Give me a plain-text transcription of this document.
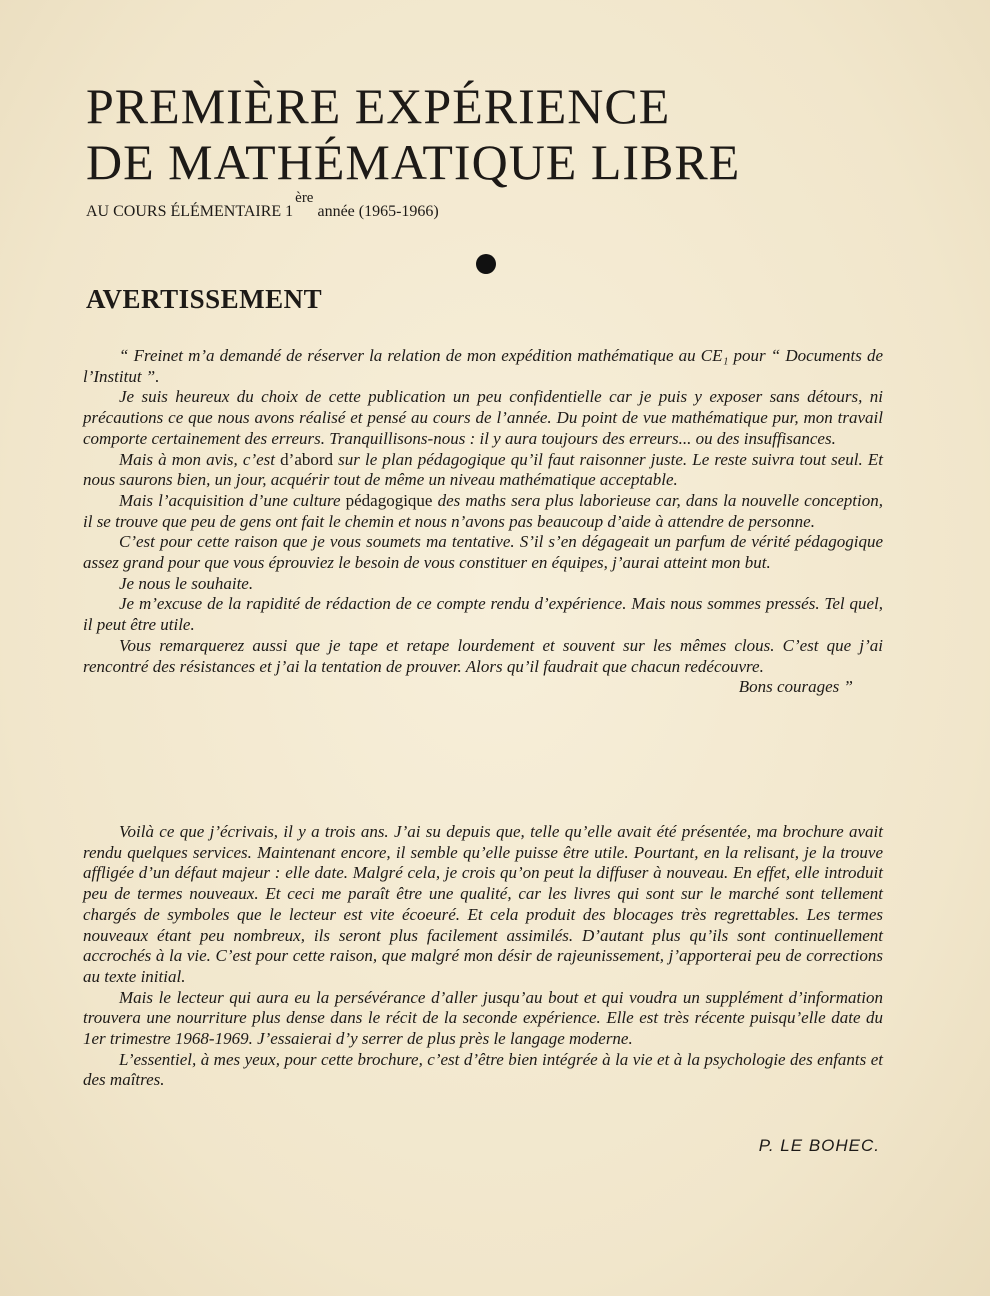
PREMIÈRE EXPÉRIENCE
DE MATHÉMATIQUE LIBRE
AU COURS ÉLÉMENTAIRE 1ère année (1965-1966)
AVERTISSEMENT

“ Freinet m’a demandé de réserver la relation de mon expédition mathématique au CE₁ pour “ Documents de l’Institut ”.

Je suis heureux du choix de cette publication un peu confidentielle car je puis y exposer sans détours, ni précautions ce que nous avons réalisé et pensé au cours de l’année. Du point de vue mathématique pur, mon travail comporte certainement des erreurs. Tranquillisons-nous : il y aura toujours des erreurs... ou des insuffisances.

Mais à mon avis, c’est d’abord sur le plan pédagogique qu’il faut raisonner juste. Le reste suivra tout seul. Et nous saurons bien, un jour, acquérir tout de même un niveau mathématique acceptable.

Mais l’acquisition d’une culture pédagogique des maths sera plus laborieuse car, dans la nouvelle conception, il se trouve que peu de gens ont fait le chemin et nous n’avons pas beaucoup d’aide à attendre de personne.

C’est pour cette raison que je vous soumets ma tentative. S’il s’en dégageait un parfum de vérité pédagogique assez grand pour que vous éprouviez le besoin de vous constituer en équipes, j’aurai atteint mon but.

Je nous le souhaite.

Je m’excuse de la rapidité de rédaction de ce compte rendu d’expérience. Mais nous sommes pressés. Tel quel, il peut être utile.

Vous remarquerez aussi que je tape et retape lourdement et souvent sur les mêmes clous. C’est que j’ai rencontré des résistances et j’ai la tentation de prouver. Alors qu’il faudrait que chacun redécouvre.

Bons courages ”

Voilà ce que j’écrivais, il y a trois ans. J’ai su depuis que, telle qu’elle avait été présentée, ma brochure avait rendu quelques services. Maintenant encore, il semble qu’elle puisse être utile. Pourtant, en la relisant, je la trouve affligée d’un défaut majeur : elle date. Malgré cela, je crois qu’on peut la diffuser à nouveau. En effet, elle introduit peu de termes nouveaux. Et ceci me paraît être une qualité, car les livres qui sont sur le marché sont tellement chargés de symboles que le lecteur est vite écoeuré. Et cela produit des blocages très regrettables. Les termes nouveaux étant peu nombreux, ils seront plus facilement assimilés. D’autant plus qu’ils sont continuellement accrochés à la vie. C’est pour cette raison, que malgré mon désir de rajeunissement, j’apporterai peu de corrections au texte initial.

Mais le lecteur qui aura eu la persévérance d’aller jusqu’au bout et qui voudra un supplément d’information trouvera une nourriture plus dense dans le récit de la seconde expérience. Elle est très récente puisqu’elle date du 1er trimestre 1968-1969. J’essaierai d’y serrer de plus près le langage moderne.

L’essentiel, à mes yeux, pour cette brochure, c’est d’être bien intégrée à la vie et à la psychologie des enfants et des maîtres.

P. LE BOHEC.
